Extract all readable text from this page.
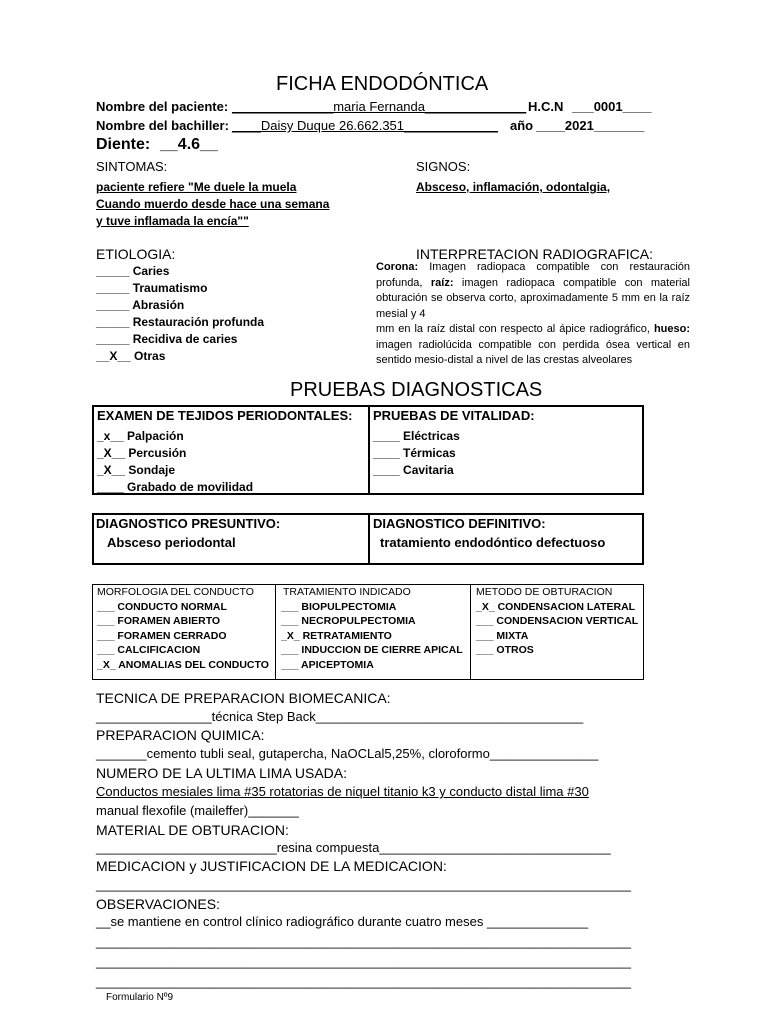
FICHA ENDODÓNTICA
Nombre del paciente: ______________maria Fernanda______________ H.C.N ___0001____
Nombre del bachiller: ____Daisy Duque 26.662.351_____________ año ____2021_______
Diente: __4.6__
SINTOMAS:
paciente refiere "Me duele la muela
Cuando muerdo desde hace una semana
y tuve inflamada la encía""
SIGNOS:
Absceso, inflamación, odontalgia,
ETIOLOGIA:
_____ Caries
_____ Traumatismo
_____ Abrasión
_____ Restauración profunda
_____ Recidiva de caries
__X__ Otras
INTERPRETACION RADIOGRAFICA:
Corona: Imagen radiopaca compatible con restauración profunda, raíz: imagen radiopaca compatible con material obturación se observa corto, aproximadamente 5 mm en la raíz mesial y 4
mm en la raíz distal con respecto al ápice radiográfico, hueso: imagen radiolúcida compatible con perdida ósea vertical en sentido mesio-distal a nivel de las crestas alveolares
PRUEBAS DIAGNOSTICAS
EXAMEN DE TEJIDOS PERIODONTALES:
_x__ Palpación
_X__ Percusión
_X__ Sondaje
____ Grabado de movilidad
PRUEBAS DE VITALIDAD:
____ Eléctricas
____ Térmicas
____ Cavitaria
DIAGNOSTICO PRESUNTIVO:
Absceso periodontal
DIAGNOSTICO DEFINITIVO:
tratamiento endodóntico defectuoso
MORFOLOGIA DEL CONDUCTO
___ CONDUCTO NORMAL
___ FORAMEN ABIERTO
___ FORAMEN CERRADO
___ CALCIFICACION
_X_ ANOMALIAS DEL CONDUCTO
TRATAMIENTO INDICADO
___ BIOPULPECTOMIA
___ NECROPULPECTOMIA
_X_ RETRATAMIENTO
___ INDUCCION DE CIERRE APICAL
___ APICEPTOMIA
METODO DE OBTURACION
_X_ CONDENSACION LATERAL
___ CONDENSACION VERTICAL
___ MIXTA
___ OTROS
TECNICA DE PREPARACION BIOMECANICA:
________________técnica Step Back_____________________________________
PREPARACION QUIMICA:
_______cemento tubli seal, gutapercha, NaOCLal5,25%, cloroformo_______________
NUMERO DE LA ULTIMA LIMA USADA:
Conductos mesiales lima #35 rotatorias de niquel titanio k3 y conducto distal lima #30
manual flexofile (maileffer)_______
MATERIAL DE OBTURACION:
_________________________resina compuesta________________________________
MEDICACION y JUSTIFICACION DE LA MEDICACION:
__________________________________________________________________________
OBSERVACIONES:
__se mantiene en control clínico radiográfico durante cuatro meses ______________
__________________________________________________________________________
__________________________________________________________________________
__________________________________________________________________________
Formulario Nº9
